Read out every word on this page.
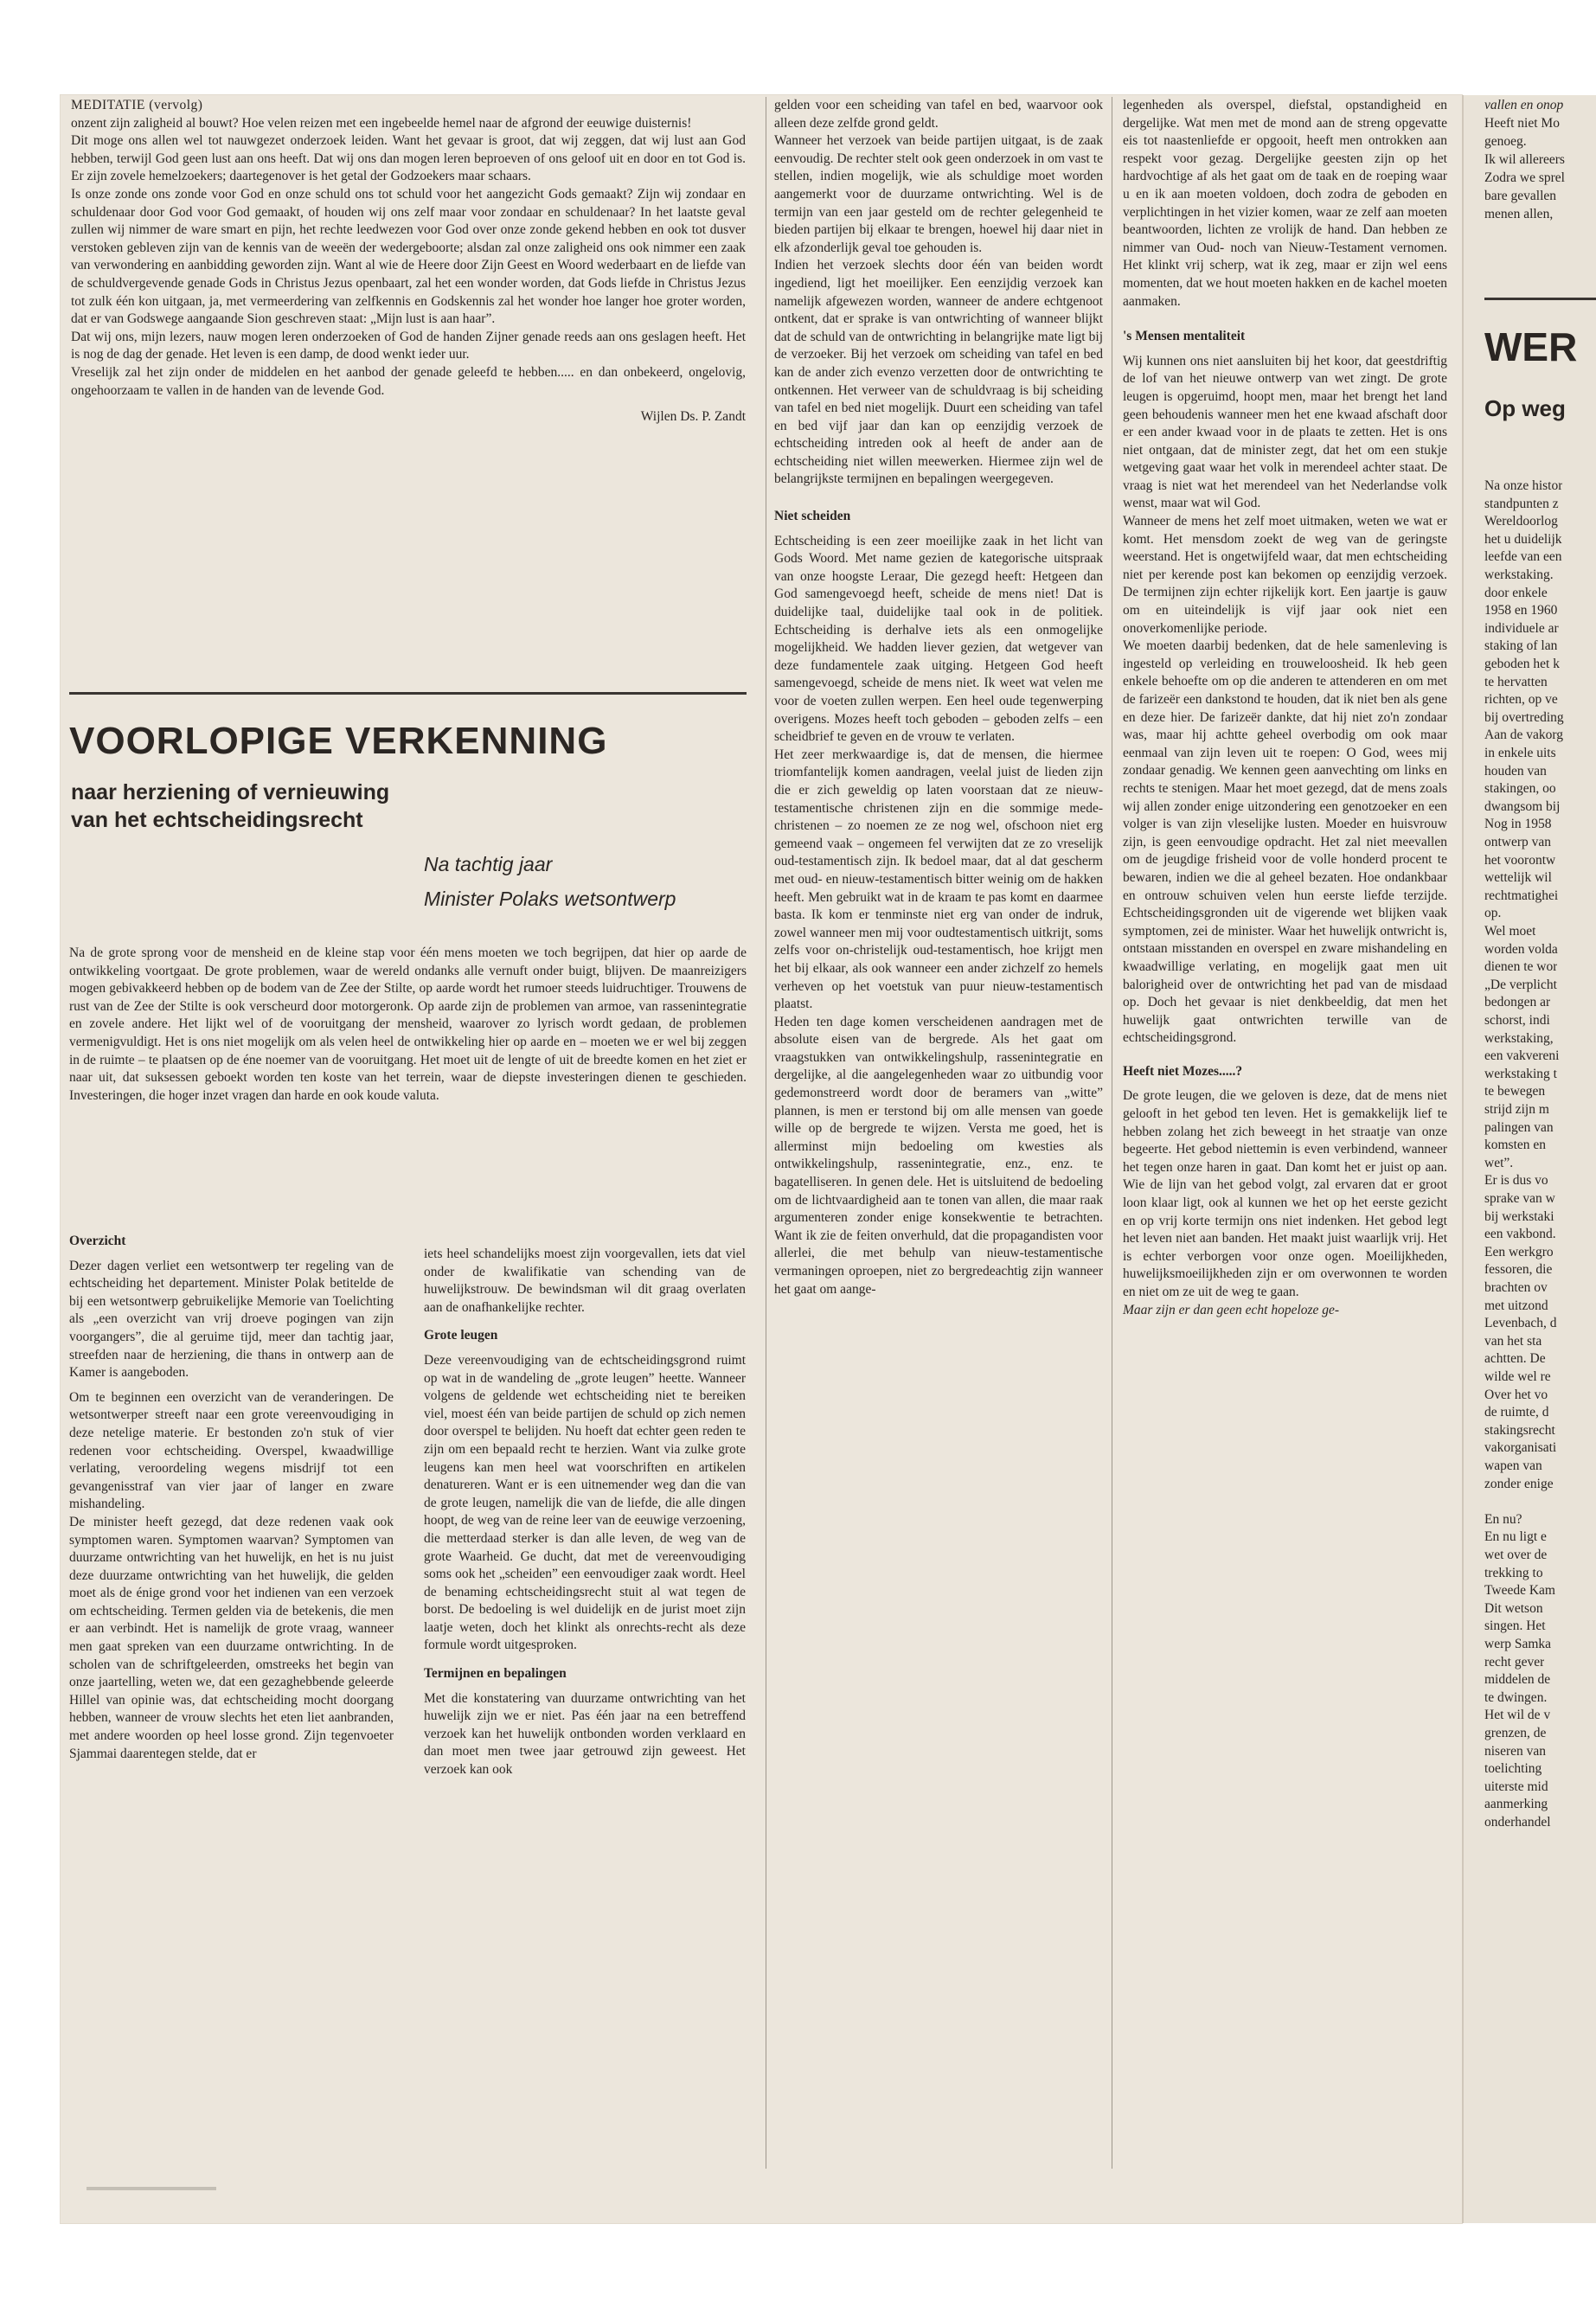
MEDITATIE (vervolg)

onzent zijn zaligheid al bouwt? Hoe velen reizen met een ingebeelde hemel naar de afgrond der eeuwige duisternis!

Dit moge ons allen wel tot nauwgezet onderzoek leiden. Want het gevaar is groot, dat wij zeggen, dat wij lust aan God hebben, terwijl God geen lust aan ons heeft. Dat wij ons dan mogen leren beproeven of ons geloof uit en door en tot God is. Er zijn zovele hemelzoekers; daartegenover is het getal der Godzoekers maar schaars.

Is onze zonde ons zonde voor God en onze schuld ons tot schuld voor het aangezicht Gods gemaakt? Zijn wij zondaar en schuldenaar door God voor God gemaakt, of houden wij ons zelf maar voor zondaar en schuldenaar? In het laatste geval zullen wij nimmer de ware smart en pijn, het rechte leedwezen voor God over onze zonde gekend hebben en ook tot dusver verstoken gebleven zijn van de kennis van de weeën der wedergeboorte; alsdan zal onze zaligheid ons ook nimmer een zaak van verwondering en aanbidding geworden zijn. Want al wie de Heere door Zijn Geest en Woord wederbaart en de liefde van de schuldvergevende genade Gods in Christus Jezus openbaart, zal het een wonder worden, dat Gods liefde in Christus Jezus tot zulk één kon uitgaan, ja, met vermeerdering van zelfkennis en Godskennis zal het wonder hoe langer hoe groter worden, dat er van Godswege aangaande Sion geschreven staat: „Mijn lust is aan haar”.

Dat wij ons, mijn lezers, nauw mogen leren onderzoeken of God de handen Zijner genade reeds aan ons geslagen heeft. Het is nog de dag der genade. Het leven is een damp, de dood wenkt ieder uur.

Vreselijk zal het zijn onder de middelen en het aanbod der genade geleefd te hebben..... en dan onbekeerd, ongelovig, ongehoorzaam te vallen in de handen van de levende God.

Wijlen Ds. P. Zandt
VOORLOPIGE VERKENNING
naar herziening of vernieuwing
van het echtscheidingsrecht
Na tachtig jaar
Minister Polaks wetsontwerp

Na de grote sprong voor de mensheid en de kleine stap voor één mens moeten we toch begrijpen, dat hier op aarde de ontwikkeling voortgaat. De grote problemen, waar de wereld ondanks alle vernuft onder buigt, blijven. De maanreizigers mogen gebivakkeerd hebben op de bodem van de Zee der Stilte, op aarde wordt het rumoer steeds luidruchtiger. Trouwens de rust van de Zee der Stilte is ook verscheurd door motorgeronk. Op aarde zijn de problemen van armoe, van rassenintegratie en zovele andere. Het lijkt wel of de vooruitgang der mensheid, waarover zo lyrisch wordt gedaan, de problemen vermenigvuldigt. Het is ons niet mogelijk om als velen heel de ontwikkeling hier op aarde en – moeten we er wel bij zeggen in de ruimte – te plaatsen op de éne noemer van de vooruitgang. Het moet uit de lengte of uit de breedte komen en het ziet er naar uit, dat suksessen geboekt worden ten koste van het terrein, waar de diepste investeringen dienen te geschieden. Investeringen, die hoger inzet vragen dan harde en ook koude valuta.

Overzicht

Dezer dagen verliet een wetsontwerp ter regeling van de echtscheiding het departement. Minister Polak betitelde de bij een wetsontwerp gebruikelijke Memorie van Toelichting als „een overzicht van vrij droeve pogingen van zijn voorgangers”, die al geruime tijd, meer dan tachtig jaar, streefden naar de herziening, die thans in ontwerp aan de Kamer is aangeboden.

Om te beginnen een overzicht van de veranderingen. De wetsontwerper streeft naar een grote vereenvoudiging in deze netelige materie. Er bestonden zo'n stuk of vier redenen voor echtscheiding. Overspel, kwaadwillige verlating, veroordeling wegens misdrijf tot een gevangenisstraf van vier jaar of langer en zware mishandeling.

De minister heeft gezegd, dat deze redenen vaak ook symptomen waren. Symptomen waarvan? Symptomen van duurzame ontwrichting van het huwelijk, en het is nu juist deze duurzame ontwrichting van het huwelijk, die gelden moet als de énige grond voor het indienen van een verzoek om echtscheiding. Termen gelden via de betekenis, die men er aan verbindt. Het is namelijk de grote vraag, wanneer men gaat spreken van een duurzame ontwrichting. In de scholen van de schriftgeleerden, omstreeks het begin van onze jaartelling, weten we, dat een gezaghebbende geleerde Hillel van opinie was, dat echtscheiding mocht doorgang hebben, wanneer de vrouw slechts het eten liet aanbranden, met andere woorden op heel losse grond. Zijn tegenvoeter Sjammai daarentegen stelde, dat er

iets heel schandelijks moest zijn voorgevallen, iets dat viel onder de kwalifikatie van schending van de huwelijkstrouw. De bewindsman wil dit graag overlaten aan de onafhankelijke rechter.

Grote leugen

Deze vereenvoudiging van de echtscheidingsgrond ruimt op wat in de wandeling de „grote leugen” heette. Wanneer volgens de geldende wet echtscheiding niet te bereiken viel, moest één van beide partijen de schuld op zich nemen door overspel te belijden. Nu hoeft dat echter geen reden te zijn om een bepaald recht te herzien. Want via zulke grote leugens kan men heel wat voorschriften en artikelen denatureren. Want er is een uitnemender weg dan die van de grote leugen, namelijk die van de liefde, die alle dingen hoopt, de weg van de reine leer van de eeuwige verzoening, die metterdaad sterker is dan alle leven, de weg van de grote Waarheid. Ge ducht, dat met de vereenvoudiging soms ook het „scheiden” een eenvoudiger zaak wordt. Heel de benaming echtscheidingsrecht stuit al wat tegen de borst. De bedoeling is wel duidelijk en de jurist moet zijn laatje weten, doch het klinkt als onrechts-recht als deze formule wordt uitgesproken.

Termijnen en bepalingen

Met die konstatering van duurzame ontwrichting van het huwelijk zijn we er niet. Pas één jaar na een betreffend verzoek kan het huwelijk ontbonden worden verklaard en dan moet men twee jaar getrouwd zijn geweest. Het verzoek kan ook

gelden voor een scheiding van tafel en bed, waarvoor ook alleen deze zelfde grond geldt.

Wanneer het verzoek van beide partijen uitgaat, is de zaak eenvoudig. De rechter stelt ook geen onderzoek in om vast te stellen, indien mogelijk, wie als schuldige moet worden aangemerkt voor de duurzame ontwrichting. Wel is de termijn van een jaar gesteld om de rechter gelegenheid te bieden partijen bij elkaar te brengen, hoewel hij daar niet in elk afzonderlijk geval toe gehouden is.

Indien het verzoek slechts door één van beiden wordt ingediend, ligt het moeilijker. Een eenzijdig verzoek kan namelijk afgewezen worden, wanneer de andere echtgenoot ontkent, dat er sprake is van ontwrichting of wanneer blijkt dat de schuld van de ontwrichting in belangrijke mate ligt bij de verzoeker. Bij het verzoek om scheiding van tafel en bed kan de ander zich evenzo verzetten door de ontwrichting te ontkennen. Het verweer van de schuldvraag is bij scheiding van tafel en bed niet mogelijk. Duurt een scheiding van tafel en bed vijf jaar dan kan op eenzijdig verzoek de echtscheiding intreden ook al heeft de ander aan de echtscheiding niet willen meewerken. Hiermee zijn wel de belangrijkste termijnen en bepalingen weergegeven.

Niet scheiden

Echtscheiding is een zeer moeilijke zaak in het licht van Gods Woord. Met name gezien de kategorische uitspraak van onze hoogste Leraar, Die gezegd heeft: Hetgeen dan God samengevoegd heeft, scheide de mens niet! Dat is duidelijke taal, duidelijke taal ook in de politiek. Echtscheiding is derhalve iets als een onmogelijke mogelijkheid. We hadden liever gezien, dat wetgever van deze fundamentele zaak uitging. Hetgeen God heeft samengevoegd, scheide de mens niet. Ik weet wat velen me voor de voeten zullen werpen. Een heel oude tegenwerping overigens. Mozes heeft toch geboden – geboden zelfs – een scheidbrief te geven en de vrouw te verlaten.

Het zeer merkwaardige is, dat de mensen, die hiermee triomfantelijk komen aandragen, veelal juist de lieden zijn die er zich geweldig op laten voorstaan dat ze nieuw-testamentische christenen zijn en die sommige mede-christenen – zo noemen ze ze nog wel, ofschoon niet erg gemeend vaak – ongemeen fel verwijten dat ze zo vreselijk oud-testamentisch zijn. Ik bedoel maar, dat al dat gescherm met oud- en nieuw-testamentisch bitter weinig om de hakken heeft. Men gebruikt wat in de kraam te pas komt en daarmee basta. Ik kom er tenminste niet erg van onder de indruk, zowel wanneer men mij voor oudtestamentisch uitkrijt, soms zelfs voor on-christelijk oud-testamentisch, hoe krijgt men het bij elkaar, als ook wanneer een ander zichzelf zo hemels verheven op het voetstuk van puur nieuw-testamentisch plaatst.

Heden ten dage komen verscheidenen aandragen met de absolute eisen van de bergrede. Als het gaat om vraagstukken van ontwikkelingshulp, rassenintegratie en dergelijke, al die aangelegenheden waar zo uitbundig voor gedemonstreerd wordt door de beramers van „witte” plannen, is men er terstond bij om alle mensen van goede wille op de bergrede te wijzen. Versta me goed, het is allerminst mijn bedoeling om kwesties als ontwikkelingshulp, rassenintegratie, enz., enz. te bagatelliseren. In genen dele. Het is uitsluitend de bedoeling om de lichtvaardigheid aan te tonen van allen, die maar raak argumenteren zonder enige konsekwentie te betrachten. Want ik zie de feiten onverhuld, dat die propagandisten voor allerlei, die met behulp van nieuw-testamentische vermaningen oproepen, niet zo bergredeachtig zijn wanneer het gaat om aange-

legenheden als overspel, diefstal, opstandigheid en dergelijke. Wat men met de mond aan de streng opgevatte eis tot naastenliefde er opgooit, heeft men ontrokken aan respekt voor gezag. Dergelijke geesten zijn op het hardvochtige af als het gaat om de taak en de roeping waar u en ik aan moeten voldoen, doch zodra de geboden en verplichtingen in het vizier komen, waar ze zelf aan moeten beantwoorden, lichten ze vrolijk de hand. Dan hebben ze nimmer van Oud- noch van Nieuw-Testament vernomen. Het klinkt vrij scherp, wat ik zeg, maar er zijn wel eens momenten, dat we hout moeten hakken en de kachel moeten aanmaken.

's Mensen mentaliteit

Wij kunnen ons niet aansluiten bij het koor, dat geestdriftig de lof van het nieuwe ontwerp van wet zingt. De grote leugen is opgeruimd, hoopt men, maar het brengt het land geen behoudenis wanneer men het ene kwaad afschaft door er een ander kwaad voor in de plaats te zetten. Het is ons niet ontgaan, dat de minister zegt, dat het om een stukje wetgeving gaat waar het volk in merendeel achter staat. De vraag is niet wat het merendeel van het Nederlandse volk wenst, maar wat wil God.

Wanneer de mens het zelf moet uitmaken, weten we wat er komt. Het mensdom zoekt de weg van de geringste weerstand. Het is ongetwijfeld waar, dat men echtscheiding niet per kerende post kan bekomen op eenzijdig verzoek. De termijnen zijn echter rijkelijk kort. Een jaartje is gauw om en uiteindelijk is vijf jaar ook niet een onoverkomenlijke periode.

We moeten daarbij bedenken, dat de hele samenleving is ingesteld op verleiding en trouweloosheid. Ik heb geen enkele behoefte om op die anderen te attenderen en om met de farizeër een dankstond te houden, dat ik niet ben als gene en deze hier. De farizeër dankte, dat hij niet zo'n zondaar was, maar hij achtte geheel overbodig om ook maar eenmaal van zijn leven uit te roepen: O God, wees mij zondaar genadig. We kennen geen aanvechting om links en rechts te stenigen. Maar het moet gezegd, dat de mens zoals wij allen zonder enige uitzondering een genotzoeker en een volger is van zijn vleselijke lusten. Moeder en huisvrouw zijn, is geen eenvoudige opdracht. Het zal niet meevallen om de jeugdige frisheid voor de volle honderd procent te bewaren, indien we die al geheel bezaten. Hoe ondankbaar en ontrouw schuiven velen hun eerste liefde terzijde. Echtscheidingsgronden uit de vigerende wet blijken vaak symptomen, zei de minister. Waar het huwelijk ontwricht is, ontstaan misstanden en overspel en zware mishandeling en kwaadwillige verlating, en mogelijk gaat men uit balorigheid over de ontwrichting het pad van de misdaad op. Doch het gevaar is niet denkbeeldig, dat men het huwelijk gaat ontwrichten terwille van de echtscheidingsgrond.

Heeft niet Mozes.....?

De grote leugen, die we geloven is deze, dat de mens niet gelooft in het gebod ten leven. Het is gemakkelijk lief te hebben zolang het zich beweegt in het straatje van onze begeerte. Het gebod niettemin is even verbindend, wanneer het tegen onze haren in gaat. Dan komt het er juist op aan. Wie de lijn van het gebod volgt, zal ervaren dat er groot loon klaar ligt, ook al kunnen we het op het eerste gezicht en op vrij korte termijn ons niet indenken. Het gebod legt het leven niet aan banden. Het maakt juist waarlijk vrij. Het is echter verborgen voor onze ogen. Moeilijkheden, huwelijksmoeilijkheden zijn er om overwonnen te worden en niet om ze uit de weg te gaan.

Maar zijn er dan geen echt hopeloze ge-

vallen en onop
Heeft niet Mo
genoeg.
Ik wil allereers
Zodra we sprel
bare gevallen
menen allen,
WER
Op weg
Na onze histor
standpunten z
Wereldoorlog
het u duidelijk
leefde van een
werkstaking.
door enkele
1958 en 1960
individuele ar
staking of lan
geboden het k
te hervatten
richten, op ve
bij overtreding
Aan de vakorg
in enkele uits
houden van
stakingen, oo
dwangsom bij
Nog in 1958
ontwerp van
het voorontw
wettelijk wil
rechtmatighei
op.
Wel moet
worden volda
dienen te wor
„De verplicht
bedongen ar
schorst, indi
werkstaking,
een vakvereni
werkstaking t
te bewegen
strijd zijn m
palingen van
komsten en
wet”.
Er is dus vo
sprake van w
bij werkstaki
een vakbond.
Een werkgro
fessoren, die
brachten ov
met uitzond
Levenbach, d
van het sta
achtten. De
wilde wel re
Over het vo
de ruimte, d
stakingsrecht
vakorganisati
wapen van
zonder enige
En nu?
En nu ligt e
wet over de
trekking to
Tweede Kam
Dit wetson
singen. Het
werp Samka
recht gever
middelen de
te dwingen.
Het wil de v
grenzen, de
niseren van
toelichting
uiterste mid
aanmerking
onderhandel
